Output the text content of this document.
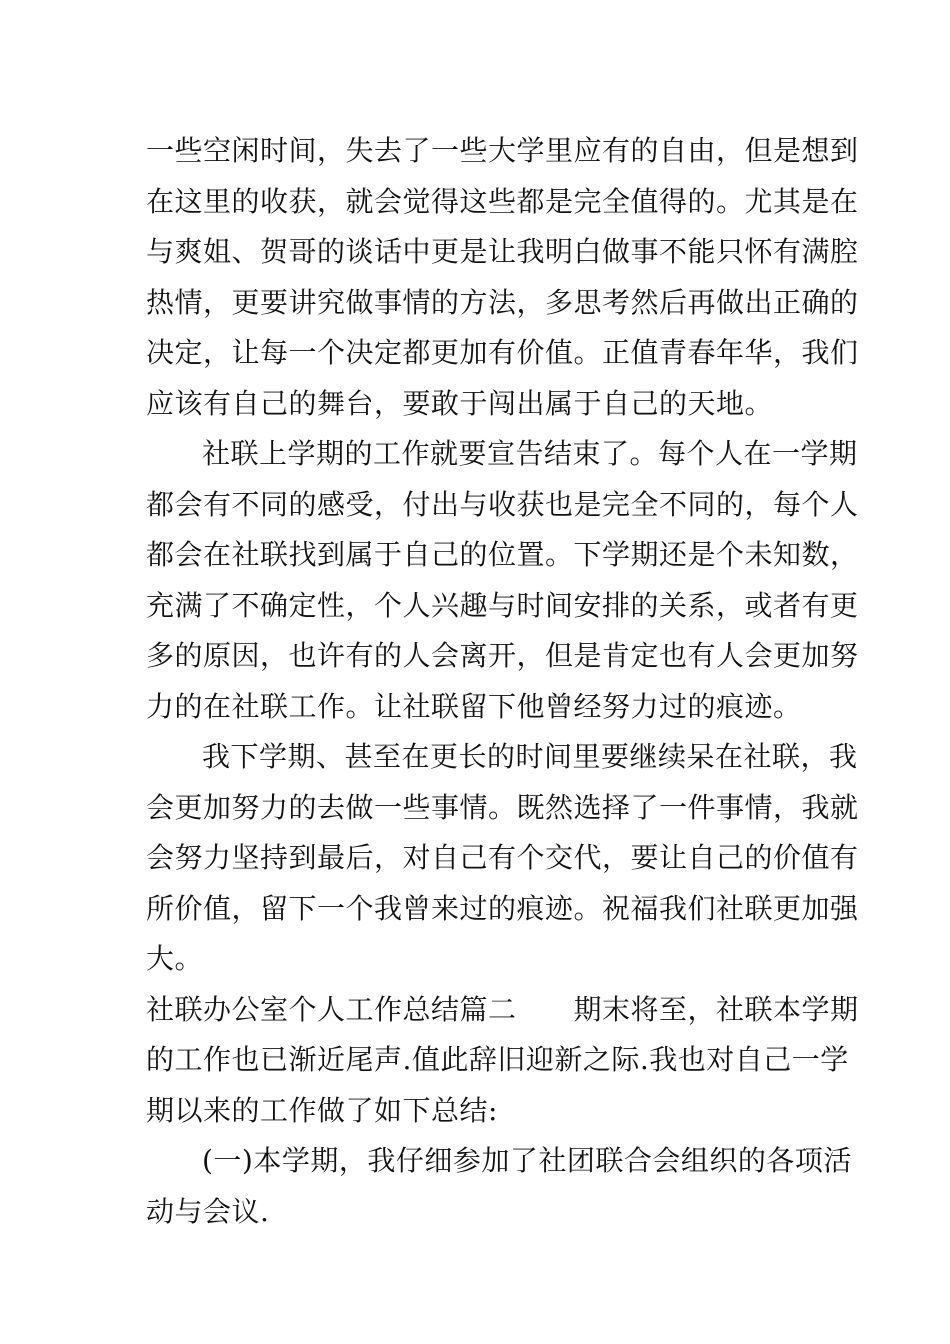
一些空闲时间，失去了一些大学里应有的自由，但是想到
在这里的收获，就会觉得这些都是完全值得的。尤其是在
与爽姐、贺哥的谈话中更是让我明白做事不能只怀有满腔
热情，更要讲究做事情的方法，多思考然后再做出正确的
决定，让每一个决定都更加有价值。正值青春年华，我们
应该有自己的舞台，要敢于闯出属于自己的天地。
社联上学期的工作就要宣告结束了。每个人在一学期
都会有不同的感受，付出与收获也是完全不同的，每个人
都会在社联找到属于自己的位置。下学期还是个未知数，
充满了不确定性，个人兴趣与时间安排的关系，或者有更
多的原因，也许有的人会离开，但是肯定也有人会更加努
力的在社联工作。让社联留下他曾经努力过的痕迹。
我下学期、甚至在更长的时间里要继续呆在社联，我
会更加努力的去做一些事情。既然选择了一件事情，我就
会努力坚持到最后，对自己有个交代，要让自己的价值有
所价值，留下一个我曾来过的痕迹。祝福我们社联更加强
大。
社联办公室个人工作总结篇二　　期末将至，社联本学期
的工作也已渐近尾声.值此辞旧迎新之际.我也对自己一学
期以来的工作做了如下总结:
(一)本学期，我仔细参加了社团联合会组织的各项活
动与会议.
